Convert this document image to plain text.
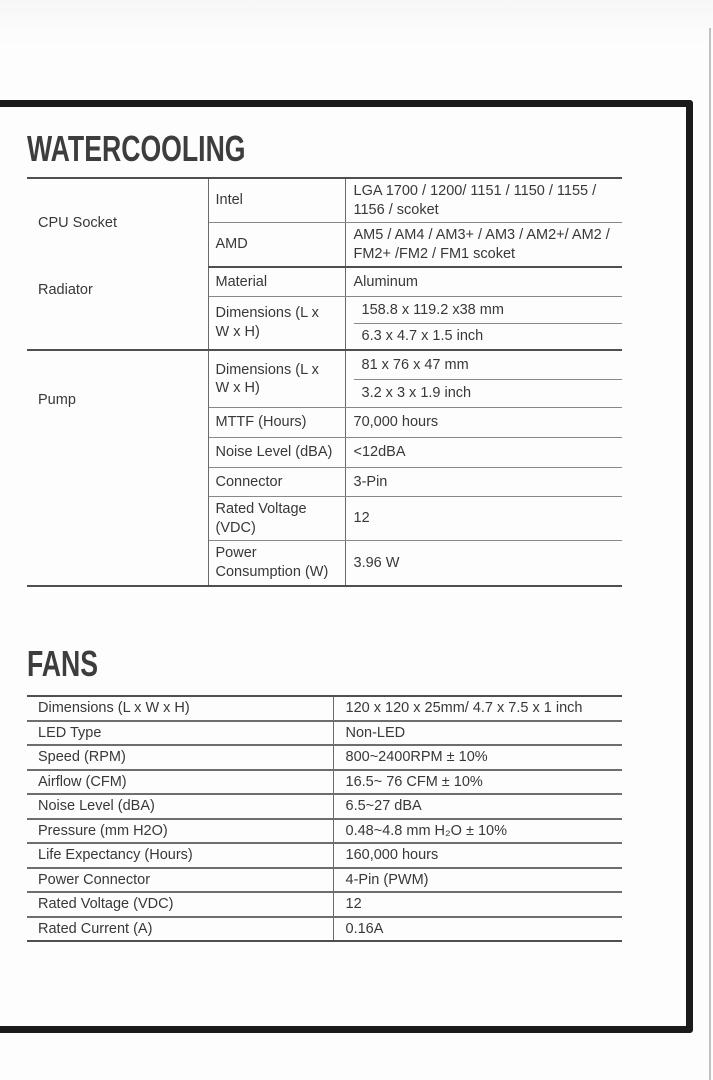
WATERCOOLING
CPU Socket	Intel	LGA 1700 / 1200/ 1151 / 1150 / 1155 / 1156 / scoket
	AMD	AM5 / AM4 / AM3+ / AM3 / AM2+/ AM2 / FM2+ /FM2 / FM1 scoket
Radiator	Material	Aluminum
	Dimensions (L x W x H)	158.8 x 119.2 x38 mm
6.3 x 4.7 x 1.5 inch

Pump	Dimensions (L x W x H)	81 x 76 x 47 mm
3.2 x 3 x 1.9 inch

	MTTF (Hours)	70,000 hours
	Noise Level (dBA)	<12dBA
	Connector	3-Pin
	Rated Voltage (VDC)	12
	Power Consumption (W)	3.96 W
FANS
Dimensions (L x W x H)	120 x 120 x 25mm/ 4.7 x 7.5 x 1 inch
LED Type	Non-LED
Speed (RPM)	800~2400RPM ± 10%
Airflow (CFM)	16.5~ 76 CFM ± 10%
Noise Level (dBA)	6.5~27 dBA
Pressure (mm H2O)	0.48~4.8 mm H₂O ± 10%
Life Expectancy (Hours)	160,000 hours
Power Connector	4-Pin (PWM)
Rated Voltage (VDC)	12
Rated Current (A)	0.16A
